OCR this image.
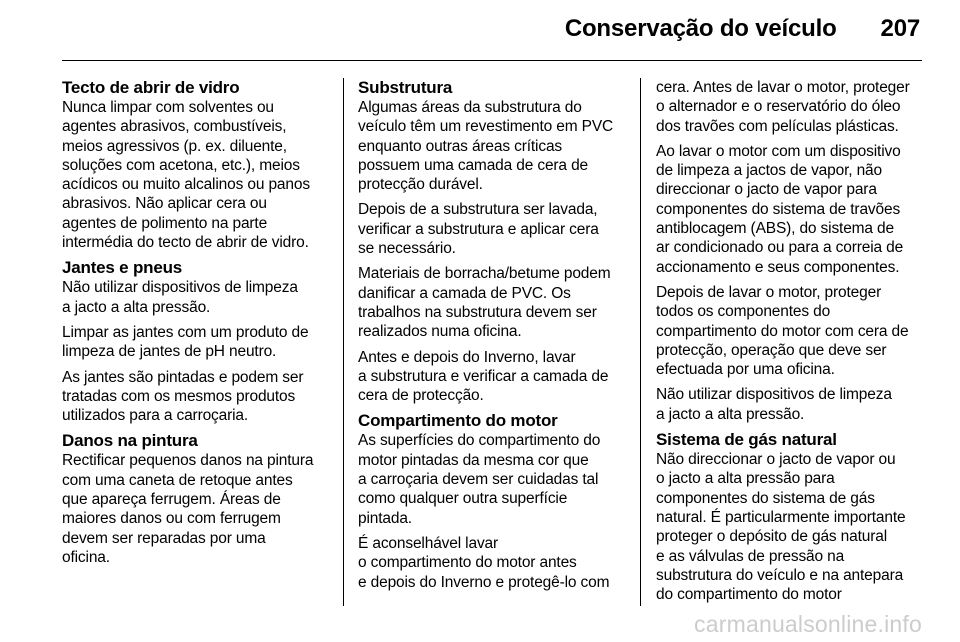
Conservação do veículo 207
Tecto de abrir de vidro

Nunca limpar com solventes ou
agentes abrasivos, combustíveis,
meios agressivos (p. ex. diluente,
soluções com acetona, etc.), meios
acídicos ou muito alcalinos ou panos
abrasivos. Não aplicar cera ou
agentes de polimento na parte
intermédia do tecto de abrir de vidro.

Jantes e pneus

Não utilizar dispositivos de limpeza
a jacto a alta pressão.

Limpar as jantes com um produto de
limpeza de jantes de pH neutro.

As jantes são pintadas e podem ser
tratadas com os mesmos produtos
utilizados para a carroçaria.

Danos na pintura

Rectificar pequenos danos na pintura
com uma caneta de retoque antes
que apareça ferrugem. Áreas de
maiores danos ou com ferrugem
devem ser reparadas por uma
oficina.

Substrutura

Algumas áreas da substrutura do
veículo têm um revestimento em PVC
enquanto outras áreas críticas
possuem uma camada de cera de
protecção durável.

Depois de a substrutura ser lavada,
verificar a substrutura e aplicar cera
se necessário.

Materiais de borracha/betume podem
danificar a camada de PVC. Os
trabalhos na substrutura devem ser
realizados numa oficina.

Antes e depois do Inverno, lavar
a substrutura e verificar a camada de
cera de protecção.

Compartimento do motor

As superfícies do compartimento do
motor pintadas da mesma cor que
a carroçaria devem ser cuidadas tal
como qualquer outra superfície
pintada.

É aconselhável lavar
o compartimento do motor antes
e depois do Inverno e protegê-lo com

cera. Antes de lavar o motor, proteger
o alternador e o reservatório do óleo
dos travões com películas plásticas.

Ao lavar o motor com um dispositivo
de limpeza a jactos de vapor, não
direccionar o jacto de vapor para
componentes do sistema de travões
antiblocagem (ABS), do sistema de
ar condicionado ou para a correia de
accionamento e seus componentes.

Depois de lavar o motor, proteger
todos os componentes do
compartimento do motor com cera de
protecção, operação que deve ser
efectuada por uma oficina.

Não utilizar dispositivos de limpeza
a jacto a alta pressão.

Sistema de gás natural

Não direccionar o jacto de vapor ou
o jacto a alta pressão para
componentes do sistema de gás
natural. É particularmente importante
proteger o depósito de gás natural
e as válvulas de pressão na
substrutura do veículo e na antepara
do compartimento do motor

carmanualsonline.info
